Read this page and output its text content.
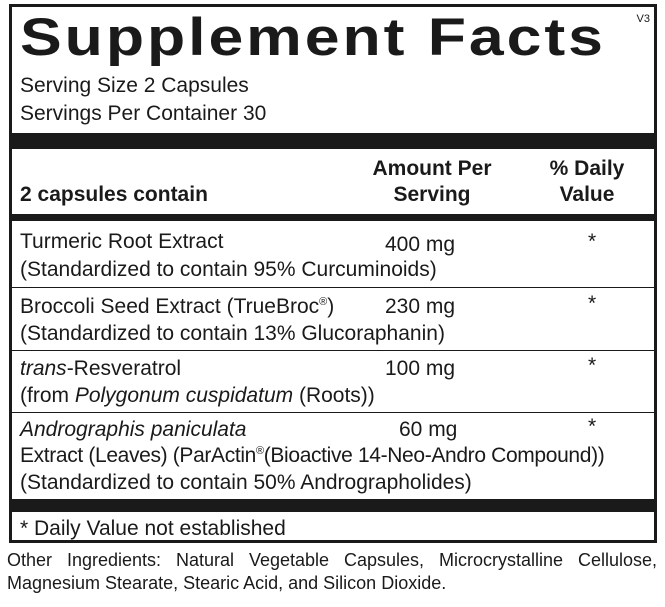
V3
Supplement Facts
Serving Size 2 Capsules
Servings Per Container 30
2 capsules contain
Amount Per
Serving
% Daily
Value
Turmeric Root Extract	400 mg	*
(Standardized to contain 95% Curcuminoids)
Broccoli Seed Extract (TrueBroc®) 230 mg	*
(Standardized to contain 13% Glucoraphanin)
trans-Resveratrol	100 mg	*
(from Polygonum cuspidatum (Roots))
Andrographis paniculata	60 mg	*
Extract (Leaves) (ParActin®(Bioactive 14-Neo-Andro Compound))
(Standardized to contain 50% Andrographolides)
* Daily Value not established
Other Ingredients: Natural Vegetable Capsules, Microcrystalline Cellulose, Magnesium Stearate, Stearic Acid, and Silicon Dioxide.
